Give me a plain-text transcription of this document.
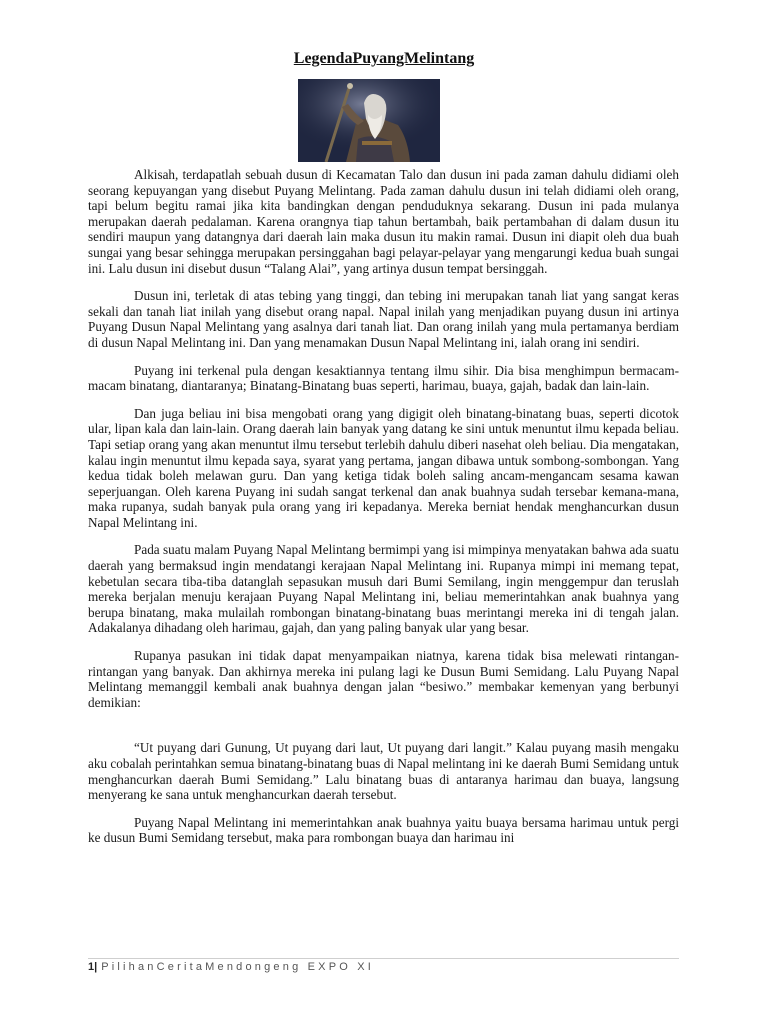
LegendaPuyangMelintang

Alkisah, terdapatlah sebuah dusun di Kecamatan Talo dan dusun ini pada zaman dahulu didiami oleh seorang kepuyangan yang disebut Puyang Melintang. Pada zaman dahulu dusun ini telah didiami oleh orang, tapi belum begitu ramai jika kita bandingkan dengan penduduknya sekarang. Dusun ini pada mulanya merupakan daerah pedalaman. Karena orangnya tiap tahun bertambah, baik pertambahan di dalam dusun itu sendiri maupun yang datangnya dari daerah lain maka dusun itu makin ramai. Dusun ini diapit oleh dua buah sungai yang besar sehingga merupakan persinggahan bagi pelayar-pelayar yang mengarungi kedua buah sungai ini. Lalu dusun ini disebut dusun “Talang Alai”, yang artinya dusun tempat bersinggah.

Dusun ini, terletak di atas tebing yang tinggi, dan tebing ini merupakan tanah liat yang sangat keras sekali dan tanah liat inilah yang disebut orang napal. Napal inilah yang menjadikan puyang dusun ini artinya Puyang Dusun Napal Melintang yang asalnya dari tanah liat. Dan orang inilah yang mula pertamanya berdiam di dusun Napal Melintang ini. Dan yang menamakan Dusun Napal Melintang ini, ialah orang ini sendiri.

Puyang ini terkenal pula dengan kesaktiannya tentang ilmu sihir. Dia bisa menghimpun bermacam-macam binatang, diantaranya; Binatang-Binatang buas seperti, harimau, buaya, gajah, badak dan lain-lain.

Dan juga beliau ini bisa mengobati orang yang digigit oleh binatang-binatang buas, seperti dicotok ular, lipan kala dan lain-lain. Orang daerah lain banyak yang datang ke sini untuk menuntut ilmu kepada beliau. Tapi setiap orang yang akan menuntut ilmu tersebut terlebih dahulu diberi nasehat oleh beliau. Dia mengatakan, kalau ingin menuntut ilmu kepada saya, syarat yang pertama, jangan dibawa untuk sombong-sombongan. Yang kedua tidak boleh melawan guru. Dan yang ketiga tidak boleh saling ancam-mengancam sesama kawan seperjuangan. Oleh karena Puyang ini sudah sangat terkenal dan anak buahnya sudah tersebar kemana-mana, maka rupanya, sudah banyak pula orang yang iri kepadanya. Mereka berniat hendak menghancurkan dusun Napal Melintang ini.

Pada suatu malam Puyang Napal Melintang bermimpi yang isi mimpinya menyatakan bahwa ada suatu daerah yang bermaksud ingin mendatangi kerajaan Napal Melintang ini. Rupanya mimpi ini memang tepat, kebetulan secara tiba-tiba datanglah sepasukan musuh dari Bumi Semilang, ingin menggempur dan teruslah mereka berjalan menuju kerajaan Puyang Napal Melintang ini, beliau memerintahkan anak buahnya yang berupa binatang, maka mulailah rombongan binatang-binatang buas merintangi mereka ini di tengah jalan. Adakalanya dihadang oleh harimau, gajah, dan yang paling banyak ular yang besar.

Rupanya pasukan ini tidak dapat menyampaikan niatnya, karena tidak bisa melewati rintangan-rintangan yang banyak. Dan akhirnya mereka ini pulang lagi ke Dusun Bumi Semidang. Lalu Puyang Napal Melintang memanggil kembali anak buahnya dengan jalan “besiwo.” membakar kemenyan yang berbunyi demikian:

“Ut puyang dari Gunung, Ut puyang dari laut, Ut puyang dari langit.” Kalau puyang masih mengaku aku cobalah perintahkan semua binatang-binatang buas di Napal melintang ini ke daerah Bumi Semidang untuk menghancurkan daerah Bumi Semidang.” Lalu binatang buas di antaranya harimau dan buaya, langsung menyerang ke sana untuk menghancurkan daerah tersebut.

Puyang Napal Melintang ini memerintahkan anak buahnya yaitu buaya bersama harimau untuk pergi ke dusun Bumi Semidang tersebut, maka para rombongan buaya dan harimau ini

1| PilihanCeritaMendongeng EXPO XI
